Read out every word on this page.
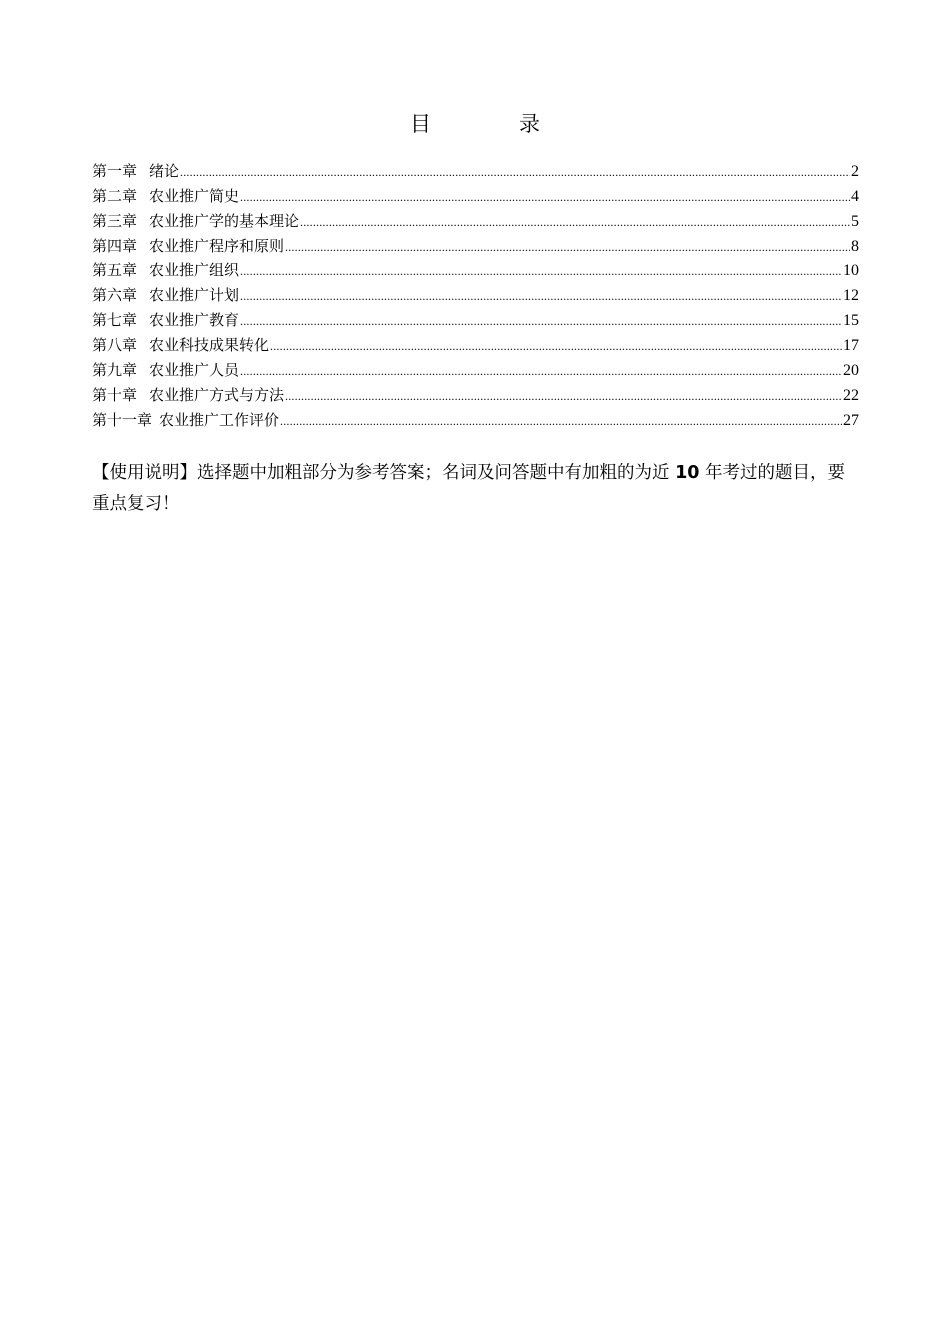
目	录
第一章 绪论 .....	2
第二章 农业推广简史 .....	4
第三章 农业推广学的基本理论 .....	5
第四章 农业推广程序和原则 .....	8
第五章 农业推广组织 .....	10
第六章 农业推广计划 .....	12
第七章 农业推广教育 .....	15
第八章 农业科技成果转化 .....	17
第九章 农业推广人员 .....	20
第十章 农业推广方式与方法 .....	22
第十一章 农业推广工作评价 .....	27

【使用说明】选择题中加粗部分为参考答案；名词及问答题中有加粗的为近 10 年考过的题目，要重点复习！
